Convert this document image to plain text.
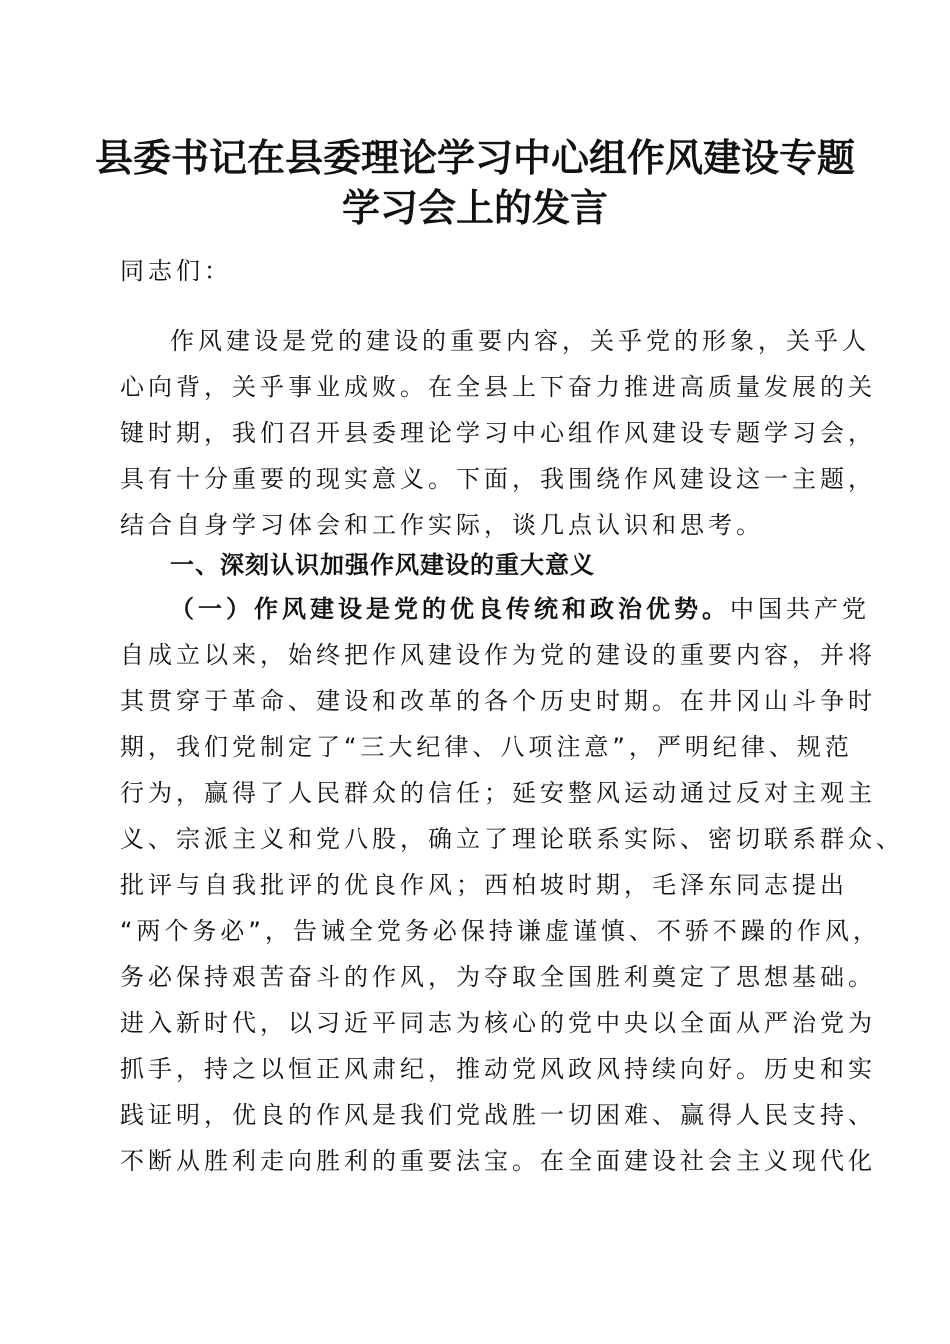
县委书记在县委理论学习中心组作风建设专题
学习会上的发言
同志们：
作风建设是党的建设的重要内容，关乎党的形象，关乎人
心向背，关乎事业成败。在全县上下奋力推进高质量发展的关
键时期，我们召开县委理论学习中心组作风建设专题学习会，
具有十分重要的现实意义。下面，我围绕作风建设这一主题，
结合自身学习体会和工作实际，谈几点认识和思考。
一、深刻认识加强作风建设的重大意义
（一）作风建设是党的优良传统和政治优势。中国共产党
自成立以来，始终把作风建设作为党的建设的重要内容，并将
其贯穿于革命、建设和改革的各个历史时期。在井冈山斗争时
期，我们党制定了“三大纪律、八项注意”，严明纪律、规范
行为，赢得了人民群众的信任；延安整风运动通过反对主观主
义、宗派主义和党八股，确立了理论联系实际、密切联系群众、
批评与自我批评的优良作风；西柏坡时期，毛泽东同志提出
“两个务必”，告诫全党务必保持谦虚谨慎、不骄不躁的作风，
务必保持艰苦奋斗的作风，为夺取全国胜利奠定了思想基础。
进入新时代，以习近平同志为核心的党中央以全面从严治党为
抓手，持之以恒正风肃纪，推动党风政风持续向好。历史和实
践证明，优良的作风是我们党战胜一切困难、赢得人民支持、
不断从胜利走向胜利的重要法宝。在全面建设社会主义现代化
